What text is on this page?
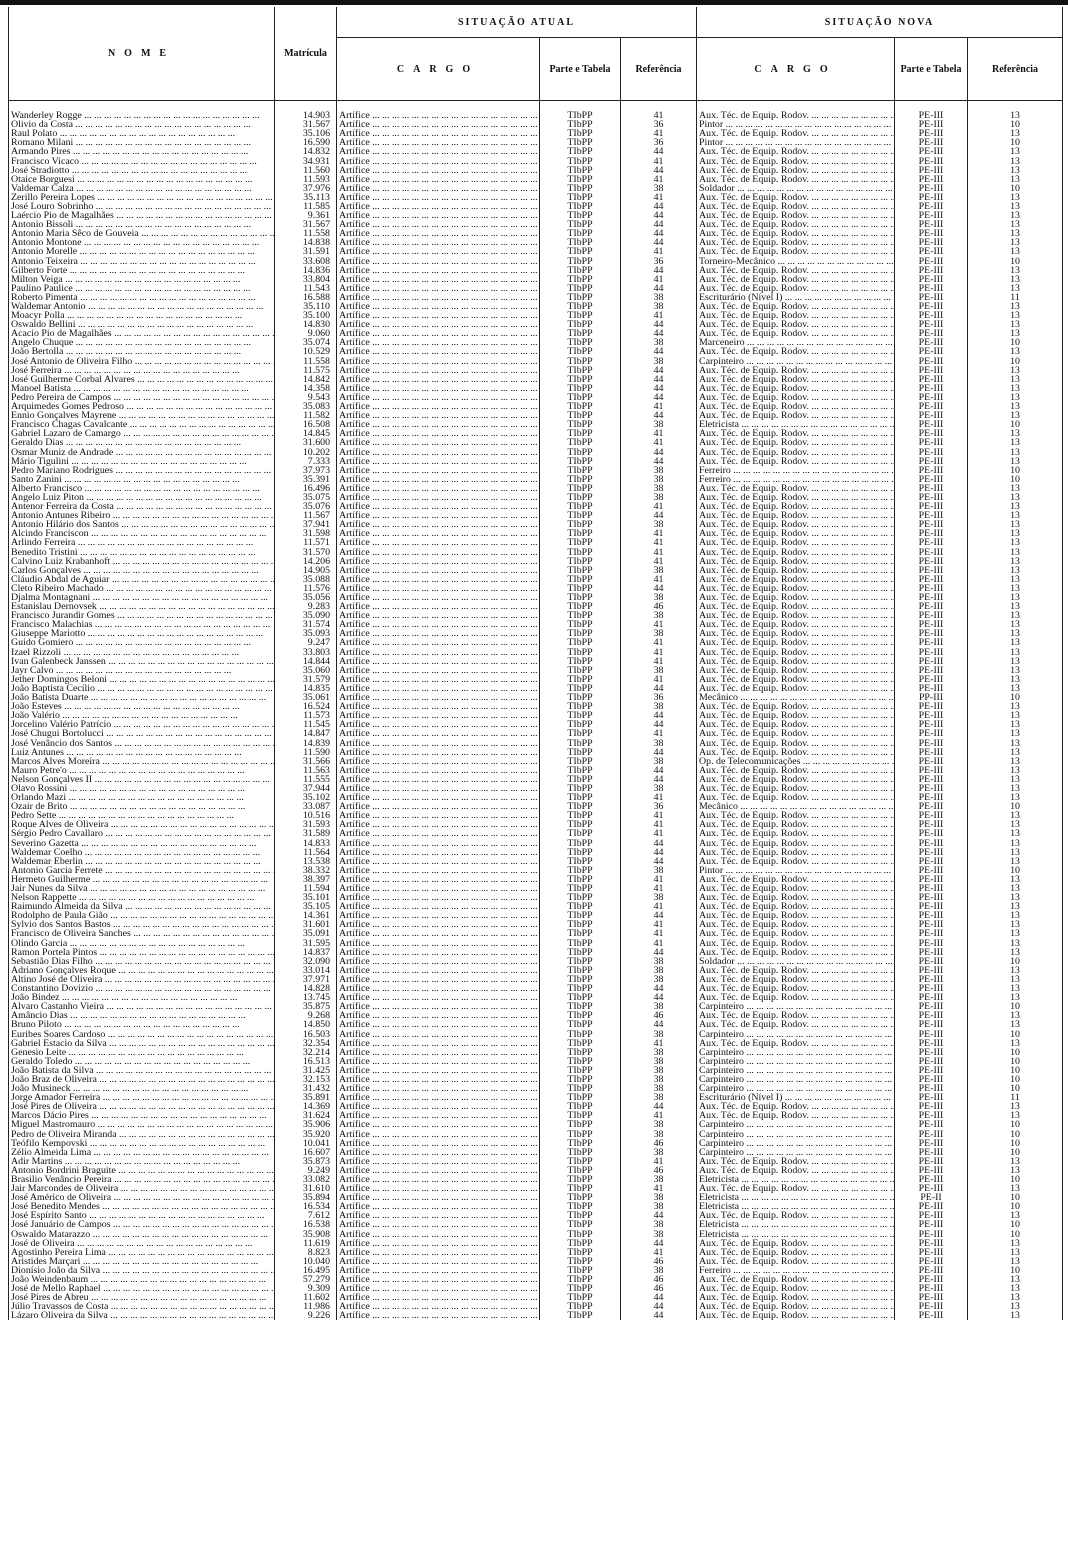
NOME	Matrícula	SITUAÇÃO ATUAL			SITUAÇÃO NOVA		
		CARGO	Parte e Tabela	Referência	CARGO	Parte e Tabela	Referência

Wanderley Rogge ... .	14.903	Artífice ... .	TIbPP	41	Aux. Téc. de Equip. Rodov. ... .	PE-III	13
Olivio da Costa ... .	31.567	Artífice ... .	TIbPP	36	Pintor ... .	PE-III	10
Raul Polato ... .	35.106	Artífice ... .	TIbPP	41	Aux. Téc. de Equip. Rodov. ... .	PE-III	13
Romano Milani ... .	16.590	Artífice ... .	TIbPP	36	Pintor ... .	PE-III	10
Armando Pires ... .	14.832	Artífice ... .	TIbPP	44	Aux. Téc. de Equip. Rodov. ... .	PE-III	13
Francisco Vicaco ... .	34.931	Artífice ... .	TIbPP	41	Aux. Téc. de Equip. Rodov. ... .	PE-III	13
José Stradiotto ... .	11.560	Artífice ... .	TIbPP	44	Aux. Téc. de Equip. Rodov. ... .	PE-III	13
Otaice Borguesi ... .	11.593	Artífice ... .	TIbPP	41	Aux. Téc. de Equip. Rodov. ... .	PE-III	13
Valdemar Calza ... .	37.976	Artífice ... .	TIbPP	38	Soldador ... .	PE-III	10
Zerillo Pereira Lopes ... .	35.113	Artífice ... .	TIbPP	41	Aux. Téc. de Equip. Rodov. ... .	PE-III	13
José Louro Sobrinho ... .	11.585	Artífice ... .	TIbPP	44	Aux. Téc. de Equip. Rodov. ... .	PE-III	13
Laércio Pio de Magalhães ... .	9.361	Artífice ... .	TIbPP	44	Aux. Téc. de Equip. Rodov. ... .	PE-III	13
Antonio Bissoli ... .	31.567	Artífice ... .	TIbPP	44	Aux. Téc. de Equip. Rodov. ... .	PE-III	13
Antonio Maria Sêco de Gouveia ... .	11.558	Artífice ... .	TIbPP	44	Aux. Téc. de Equip. Rodov. ... .	PE-III	13
Antonio Montone ... .	14.838	Artífice ... .	TIbPP	44	Aux. Téc. de Equip. Rodov. ... .	PE-III	13
Antonio Morelle ... .	31.591	Artífice ... .	TIbPP	41	Aux. Téc. de Equip. Rodov. ... .	PE-III	13
Antonio Teixeira ... .	33.608	Artífice ... .	TIbPP	36	Torneiro-Mecânico ... .	PE-III	10
Gilberto Forte ... .	14.836	Artífice ... .	TIbPP	44	Aux. Téc. de Equip. Rodov. ... .	PE-III	13
Milton Veiga ... .	33.804	Artífice ... .	TIbPP	41	Aux. Téc. de Equip. Rodov. ... .	PE-III	13
Paulino Paulice ... .	11.543	Artífice ... .	TIbPP	44	Aux. Téc. de Equip. Rodov. ... .	PE-III	13
Roberto Pimenta ... .	16.588	Artífice ... .	TIbPP	38	Escriturário (Nível I) ... .	PE-III	11
Waldemar Antonio ... .	35.110	Artífice ... .	TIbPP	38	Aux. Téc. de Equip. Rodov. ... .	PE-III	13
Moacyr Polla ... .	35.100	Artífice ... .	TIbPP	41	Aux. Téc. de Equip. Rodov. ... .	PE-III	13
Oswaldo Bellini ... .	14.830	Artífice ... .	TIbPP	44	Aux. Téc. de Equip. Rodov. ... .	PE-III	13
Acacio Pio de Magalhães ... .	9.060	Artífice ... .	TIbPP	44	Aux. Téc. de Equip. Rodov. ... .	PE-III	13
Angelo Chuque ... .	35.074	Artífice ... .	TIbPP	38	Marceneiro ... .	PE-III	10
João Bertolla ... .	10.529	Artífice ... .	TIbPP	44	Aux. Téc. de Equip. Rodov. ... .	PE-III	13
José Antonio de Oliveira Filho ... .	11.558	Artífice ... .	TIbPP	38	Carpinteiro ... .	PE-III	10
José Ferreira ... .	11.575	Artífice ... .	TIbPP	44	Aux. Téc. de Equip. Rodov. ... .	PE-III	13
José Guilherme Corbal Alvares ... .	14.842	Artífice ... .	TIbPP	44	Aux. Téc. de Equip. Rodov. ... .	PE-III	13
Manoel Batista ... .	14.358	Artífice ... .	TIbPP	44	Aux. Téc. de Equip. Rodov. ... .	PE-III	13
Pedro Pereira de Campos ... .	9.543	Artífice ... .	TIbPP	44	Aux. Téc. de Equip. Rodov. ... .	PE-III	13
Arquimedes Gomes Pedroso ... .	35.083	Artífice ... .	TIbPP	41	Aux. Téc. de Equip. Rodov. ... .	PE-III	13
Ennio Gonçalves Mayrene ... .	11.582	Artífice ... .	TIbPP	44	Aux. Téc. de Equip. Rodov. ... .	PE-III	13
Francisco Chagas Cavalcante ... .	16.508	Artífice ... .	TIbPP	38	Eletricista ... .	PE-III	10
Gabriel Lazaro de Camargo ... .	14.845	Artífice ... .	TIbPP	41	Aux. Téc. de Equip. Rodov. ... .	PE-III	13
Geraldo Dias ... .	31.600	Artífice ... .	TIbPP	41	Aux. Téc. de Equip. Rodov. ... .	PE-III	13
Osmar Muniz de Andrade ... .	10.202	Artífice ... .	TIbPP	44	Aux. Téc. de Equip. Rodov. ... .	PE-III	13
Mário Tigulini ... .	7.333	Artífice ... .	TIbPP	44	Aux. Téc. de Equip. Rodov. ... .	PE-III	13
Pedro Mariano Rodrigues ... .	37.973	Artífice ... .	TIbPP	38	Ferreiro ... .	PE-III	10
Santo Zanini ... .	35.391	Artífice ... .	TIbPP	38	Ferreiro ... .	PE-III	10
Alberto Francisco ... .	16.496	Artífice ... .	TIbPP	38	Aux. Téc. de Equip. Rodov. ... .	PE-III	13
Angelo Luiz Piton ... .	35.075	Artífice ... .	TIbPP	38	Aux. Téc. de Equip. Rodov. ... .	PE-III	13
Antenor Ferreira da Costa ... .	35.076	Artífice ... .	TIbPP	41	Aux. Téc. de Equip. Rodov. ... .	PE-III	13
Antonio Antunes Ribeiro ... .	11.567	Artífice ... .	TIbPP	44	Aux. Téc. de Equip. Rodov. ... .	PE-III	13
Antonio Hilário dos Santos ... .	37.941	Artífice ... .	TIbPP	38	Aux. Téc. de Equip. Rodov. ... .	PE-III	13
Alcindo Franciscon ... .	31.598	Artífice ... .	TIbPP	41	Aux. Téc. de Equip. Rodov. ... .	PE-III	13
Arlindo Ferreira ... .	11.571	Artífice ... .	TIbPP	41	Aux. Téc. de Equip. Rodov. ... .	PE-III	13
Benedito Tristini ... .	31.570	Artífice ... .	TIbPP	41	Aux. Téc. de Equip. Rodov. ... .	PE-III	13
Calvino Luiz Krabanhoft ... .	14.206	Artífice ... .	TIbPP	41	Aux. Téc. de Equip. Rodov. ... .	PE-III	13
Carlos Gonçalves ... .	14.905	Artífice ... .	TIbPP	38	Aux. Téc. de Equip. Rodov. ... .	PE-III	13
Cláudio Abdal de Aguiar ... .	35.088	Artífice ... .	TIbPP	41	Aux. Téc. de Equip. Rodov. ... .	PE-III	13
Cleto Ribeiro Machado ... .	11.576	Artífice ... .	TIbPP	44	Aux. Téc. de Equip. Rodov. ... .	PE-III	13
Djalma Montagnani ... .	35.056	Artífice ... .	TIbPP	38	Aux. Téc. de Equip. Rodov. ... .	PE-III	13
Estanislau Dernovsek ... .	9.283	Artífice ... .	TIbPP	46	Aux. Téc. de Equip. Rodov. ... .	PE-III	13
Francisco Jurandir Gomes ... .	35.090	Artífice ... .	TIbPP	38	Aux. Téc. de Equip. Rodov. ... .	PE-III	13
Francisco Malachias ... .	31.574	Artífice ... .	TIbPP	41	Aux. Téc. de Equip. Rodov. ... .	PE-III	13
Giuseppe Mariotto ... .	35.093	Artífice ... .	TIbPP	38	Aux. Téc. de Equip. Rodov. ... .	PE-III	13
Guido Gomiero ... .	9.247	Artífice ... .	TIbPP	41	Aux. Téc. de Equip. Rodov. ... .	PE-III	13
Izael Rizzoli ... .	33.803	Artífice ... .	TIbPP	41	Aux. Téc. de Equip. Rodov. ... .	PE-III	13
Ivan Galenbeck Janssen ... .	14.844	Artífice ... .	TIbPP	41	Aux. Téc. de Equip. Rodov. ... .	PE-III	13
Jayr Calvo ... .	35.060	Artífice ... .	TIbPP	38	Aux. Téc. de Equip. Rodov. ... .	PE-III	13
Jether Domingos Beloni ... .	31.579	Artífice ... .	TIbPP	41	Aux. Téc. de Equip. Rodov. ... .	PE-III	13
João Baptista Cecílio ... .	14.835	Artífice ... .	TIbPP	44	Aux. Téc. de Equip. Rodov. ... .	PE-III	13
João Batista Duarte ... .	35.061	Artífice ... .	TIbPP	36	Mecânico ... .	PP-III	10
João Esteves ... .	16.524	Artífice ... .	TIbPP	38	Aux. Téc. de Equip. Rodov. ... .	PE-III	13
João Valério ... .	11.573	Artífice ... .	TIbPP	44	Aux. Téc. de Equip. Rodov. ... .	PE-III	13
Jorcelino Valério Patrício ... .	11.545	Artífice ... .	TIbPP	44	Aux. Téc. de Equip. Rodov. ... .	PE-III	13
José Chugui Bortolucci ... .	14.847	Artífice ... .	TIbPP	41	Aux. Téc. de Equip. Rodov. ... .	PE-III	13
José Venâncio dos Santos ... .	14.839	Artífice ... .	TIbPP	38	Aux. Téc. de Equip. Rodov. ... .	PE-III	13
Luiz Antunes ... .	11.590	Artífice ... .	TIbPP	44	Aux. Téc. de Equip. Rodov. ... .	PE-III	13
Marcos Alves Moreira ... .	31.566	Artífice ... .	TIbPP	38	Op. de Telecomunicações ... .	PE-III	13
Mauro Petre'o ... .	11.563	Artífice ... .	TIbPP	44	Aux. Téc. de Equip. Rodov. ... .	PE-III	13
Nelson Gonçalves II ... .	11.555	Artífice ... .	TIbPP	44	Aux. Téc. de Equip. Rodov. ... .	PE-III	13
Olavo Rossini ... .	37.944	Artífice ... .	TIbPP	38	Aux. Téc. de Equip. Rodov. ... .	PE-III	13
Orlando Mazi ... .	35.102	Artífice ... .	TIbPP	41	Aux. Téc. de Equip. Rodov. ... .	PE-III	13
Ozair de Brito ... .	33.087	Artífice ... .	TIbPP	36	Mecânico ... .	PE-III	10
Pedro Sette ... .	10.516	Artífice ... .	TIbPP	41	Aux. Téc. de Equip. Rodov. ... .	PE-III	13
Roque Alves de Oliveira ... .	31.593	Artífice ... .	TIbPP	41	Aux. Téc. de Equip. Rodov. ... .	PE-III	13
Sérgio Pedro Cavallaro ... .	31.589	Artífice ... .	TIbPP	41	Aux. Téc. de Equip. Rodov. ... .	PE-III	13
Severino Gazetta ... .	14.833	Artífice ... .	TIbPP	44	Aux. Téc. de Equip. Rodov. ... .	PE-III	13
Waldemar Coelho ... .	11.564	Artífice ... .	TIbPP	44	Aux. Téc. de Equip. Rodov. ... .	PE-III	13
Waldemar Eberlin ... .	13.538	Artífice ... .	TIbPP	44	Aux. Téc. de Equip. Rodov. ... .	PE-III	13
Antonio Garcia Ferrete ... .	38.332	Artífice ... .	TIbPP	38	Pintor ... .	PE-III	10
Hermeto Guilherme ... .	38.397	Artífice ... .	TIbPP	41	Aux. Téc. de Equip. Rodov. ... .	PE-III	13
Jair Nunes da Silva ... .	11.594	Artífice ... .	TIbPP	41	Aux. Téc. de Equip. Rodov. ... .	PE-III	13
Nelson Rappette ... .	35.101	Artífice ... .	TIbPP	38	Aux. Téc. de Equip. Rodov. ... .	PE-III	13
Raimundo Almeida da Silva ... .	35.105	Artífice ... .	TIbPP	41	Aux. Téc. de Equip. Rodov. ... .	PE-III	13
Rodolpho de Paula Gião ... .	14.361	Artífice ... .	TIbPP	44	Aux. Téc. de Equip. Rodov. ... .	PE-III	13
Sylvio dos Santos Bastos ... .	31.601	Artífice ... .	TIbPP	41	Aux. Téc. de Equip. Rodov. ... .	PE-III	13
Francisco de Oliveira Sanches ... .	35.091	Artífice ... .	TIbPP	41	Aux. Téc. de Equip. Rodov. ... .	PE-III	13
Olindo Garcia ... .	31.595	Artífice ... .	TIbPP	41	Aux. Téc. de Equip. Rodov. ... .	PE-III	13
Ramon Portela Pintos ... .	14.837	Artífice ... .	TIbPP	44	Aux. Téc. de Equip. Rodov. ... .	PE-III	13
Sebastião Dias Filho ... .	32.090	Artífice ... .	TIbPP	38	Soldador ... .	PE-III	10
Adriano Gonçalves Roque ... .	33.014	Artífice ... .	TIbPP	38	Aux. Téc. de Equip. Rodov. ... .	PE-III	13
Altino José de Oliveira ... .	37.971	Artífice ... .	TIbPP	38	Aux. Téc. de Equip. Rodov. ... .	PE-III	13
Constantino Dovizio ... .	14.828	Artífice ... .	TIbPP	44	Aux. Téc. de Equip. Rodov. ... .	PE-III	13
João Bindez ... .	13.745	Artífice ... .	TIbPP	44	Aux. Téc. de Equip. Rodov. ... .	PE-III	13
Alvaro Castanho Vieira ... .	35.875	Artífice ... .	TIbPP	38	Carpinteiro ... .	PE-III	10
Amâncio Dias ... .	9.268	Artífice ... .	TIbPP	46	Aux. Téc. de Equip. Rodov. ... .	PE-III	13
Bruno Piloto ... .	14.850	Artífice ... .	TIbPP	44	Aux. Téc. de Equip. Rodov. ... .	PE-III	13
Euribes Soares Cardoso ... .	16.503	Artífice ... .	TIbPP	38	Carpinteiro ... .	PE-III	10
Gabriel Estacio da Silva ... .	32.354	Artífice ... .	TIbPP	41	Aux. Téc. de Equip. Rodov. ... .	PE-III	13
Genesio Leite ... .	32.214	Artífice ... .	TIbPP	38	Carpinteiro ... .	PE-III	10
Geraldo Toledo ... .	16.513	Artífice ... .	TIbPP	38	Carpinteiro ... .	PE-III	10
João Batista da Silva ... .	31.425	Artífice ... .	TIbPP	38	Carpinteiro ... .	PE-III	10
João Braz de Oliveira ... .	32.153	Artífice ... .	TIbPP	38	Carpinteiro ... .	PE-III	10
João Musineck ... .	31.432	Artífice ... .	TIbPP	38	Carpinteiro ... .	PE-III	10
Jorge Amador Ferreira ... .	35.891	Artífice ... .	TIbPP	38	Escriturário (Nível I) ... .	PE-III	11
José Pires de Oliveira ... .	14.369	Artífice ... .	TIbPP	44	Aux. Téc. de Equip. Rodov. ... .	PE-III	13
Marcos Dácio Pires ... .	31.624	Artífice ... .	TIbPP	41	Aux. Téc. de Equip. Rodov. ... .	PE-III	13
Miguel Mastromauro ... .	35.906	Artífice ... .	TIbPP	38	Carpinteiro ... .	PE-III	10
Pedro de Oliveira Miranda ... .	35.920	Artífice ... .	TIbPP	38	Carpinteiro ... .	PE-III	10
Teófilo Kempovski ... .	10.041	Artífice ... .	TIbPP	46	Carpinteiro ... .	PE-III	10
Zélio Almeida Lima ... .	16.607	Artífice ... .	TIbPP	38	Carpinteiro ... .	PE-III	10
Adir Martins ... .	35.873	Artífice ... .	TIbPP	41	Aux. Téc. de Equip. Rodov. ... .	PE-III	13
Antonio Bordrini Braguite ... .	9.249	Artífice ... .	TIbPP	46	Aux. Téc. de Equip. Rodov. ... .	PE-III	13
Brasilio Venâncio Pereira ... .	33.082	Artífice ... .	TIbPP	38	Eletricista ... .	PE-III	10
Jair Marcondes de Oliveira ... .	31.610	Artífice ... .	TIbPP	41	Aux. Téc. de Equip. Rodov. ... .	PE-III	13
José Américo de Oliveira ... .	35.894	Artífice ... .	TIbPP	38	Eletricista ... .	PE-II	10
José Benedito Mendes ... .	16.534	Artífice ... .	TIbPP	38	Eletricista ... .	PE-III	10
José Espírito Santo ... .	7.612	Artífice ... .	TIbPP	44	Aux. Téc. de Equip. Rodov. ... .	PE-III	13
José Januário de Campos ... .	16.538	Artífice ... .	TIbPP	38	Eletricista ... .	PE-III	10
Oswaldo Matarazzo ... .	35.908	Artífice ... .	TIbPP	38	Eletricista ... .	PE-III	10
José de Oliveira ... .	11.619	Artífice ... .	TIbPP	44	Aux. Téc. de Equip. Rodov. ... .	PE-III	13
Agostinho Pereira Lima ... .	8.823	Artífice ... .	TIbPP	41	Aux. Téc. de Equip. Rodov. ... .	PE-III	13
Aristides Marçari ... .	10.040	Artífice ... .	TIbPP	46	Aux. Téc. de Equip. Rodov. ... .	PE-III	13
Dionísio João da Silva ... .	16.495	Artífice ... .	TIbPP	38	Ferreiro ... .	PE-III	10
João Weindenbaum ... .	57.279	Artífice ... .	TIbPP	46	Aux. Téc. de Equip. Rodov. ... .	PE-III	13
José de Mello Raphael ... .	9.309	Artífice ... .	TIbPP	46	Aux. Téc. de Equip. Rodov. ... .	PE-III	13
José Pires de Abreu ... .	11.602	Artífice ... .	TIbPP	44	Aux. Téc. de Equip. Rodov. ... .	PE-III	13
Júlio Travassos de Costa ... .	11.986	Artífice ... .	TIbPP	44	Aux. Téc. de Equip. Rodov. ... .	PE-III	13
Lázaro Oliveira da Silva ... .	9.226	Artífice ... .	TIbPP	44	Aux. Téc. de Equip. Rodov. ... .	PE-III	13
